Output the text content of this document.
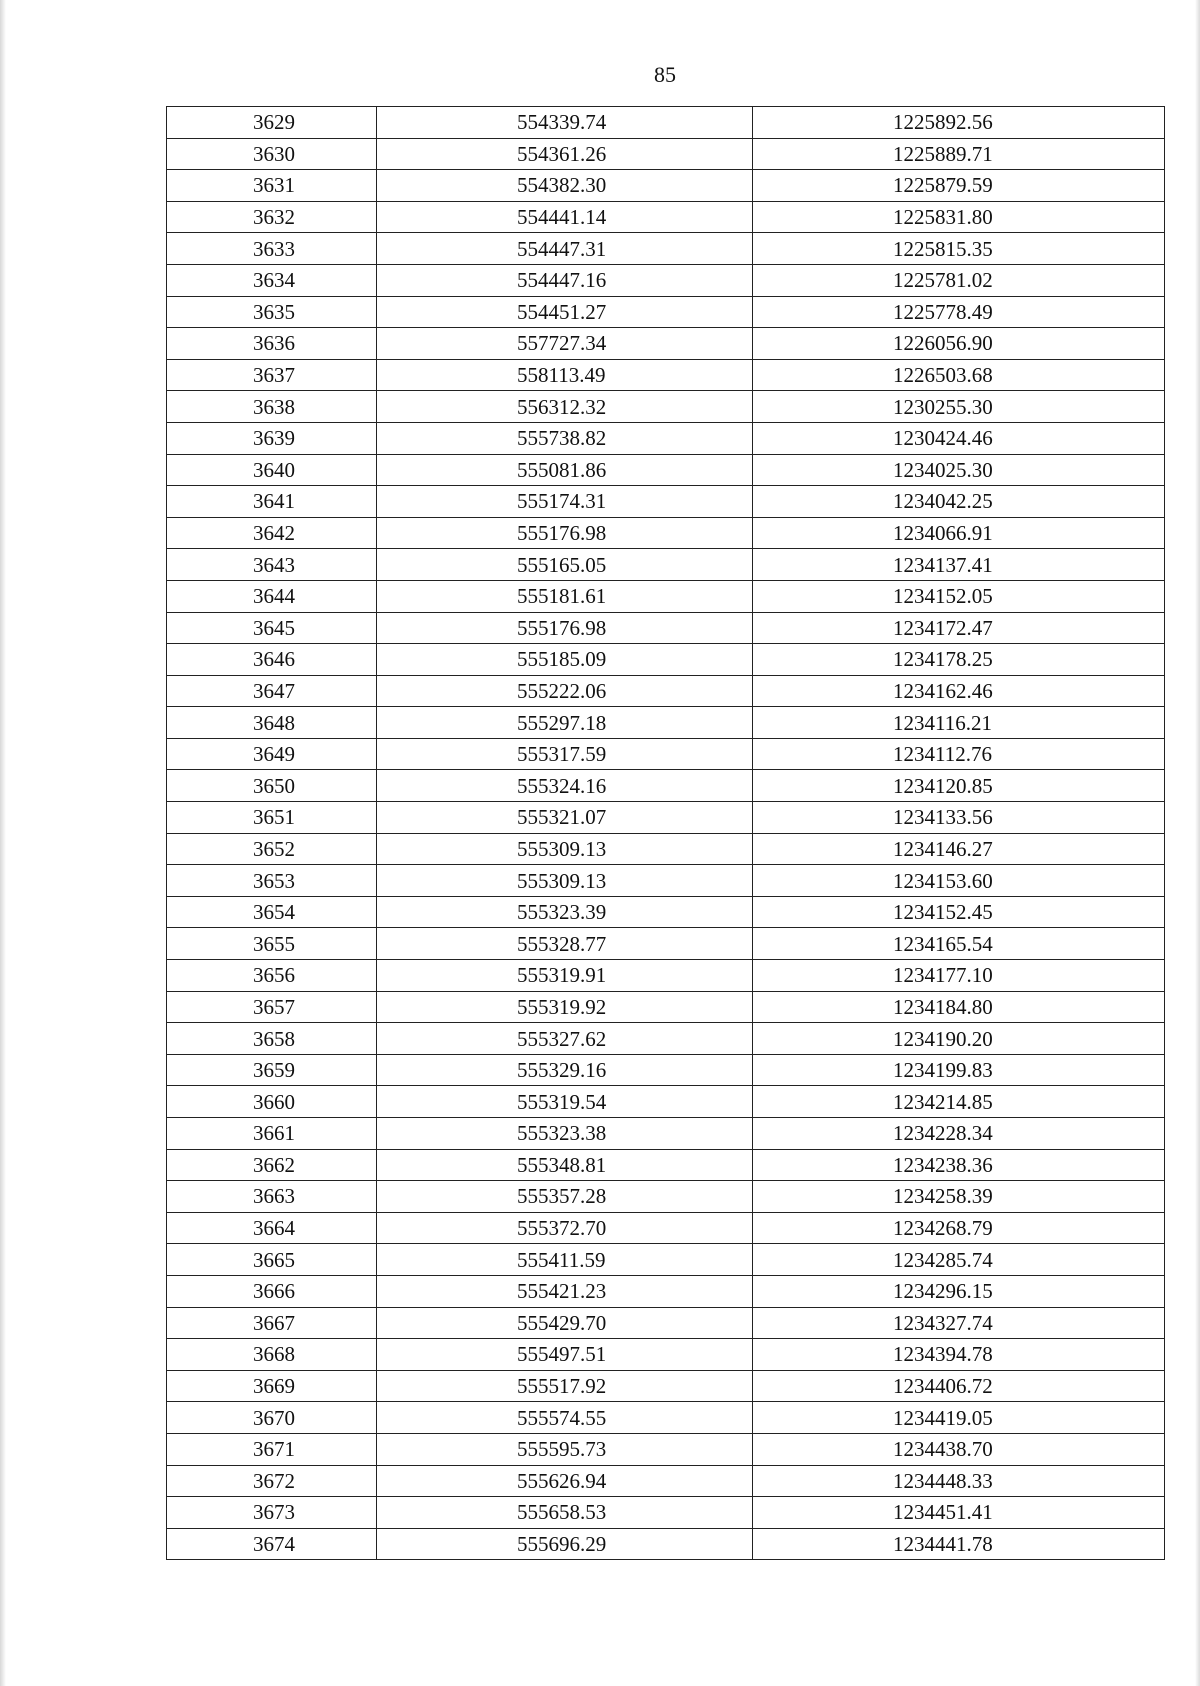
85
3629	554339.74	1225892.56
3630	554361.26	1225889.71
3631	554382.30	1225879.59
3632	554441.14	1225831.80
3633	554447.31	1225815.35
3634	554447.16	1225781.02
3635	554451.27	1225778.49
3636	557727.34	1226056.90
3637	558113.49	1226503.68
3638	556312.32	1230255.30
3639	555738.82	1230424.46
3640	555081.86	1234025.30
3641	555174.31	1234042.25
3642	555176.98	1234066.91
3643	555165.05	1234137.41
3644	555181.61	1234152.05
3645	555176.98	1234172.47
3646	555185.09	1234178.25
3647	555222.06	1234162.46
3648	555297.18	1234116.21
3649	555317.59	1234112.76
3650	555324.16	1234120.85
3651	555321.07	1234133.56
3652	555309.13	1234146.27
3653	555309.13	1234153.60
3654	555323.39	1234152.45
3655	555328.77	1234165.54
3656	555319.91	1234177.10
3657	555319.92	1234184.80
3658	555327.62	1234190.20
3659	555329.16	1234199.83
3660	555319.54	1234214.85
3661	555323.38	1234228.34
3662	555348.81	1234238.36
3663	555357.28	1234258.39
3664	555372.70	1234268.79
3665	555411.59	1234285.74
3666	555421.23	1234296.15
3667	555429.70	1234327.74
3668	555497.51	1234394.78
3669	555517.92	1234406.72
3670	555574.55	1234419.05
3671	555595.73	1234438.70
3672	555626.94	1234448.33
3673	555658.53	1234451.41
3674	555696.29	1234441.78
